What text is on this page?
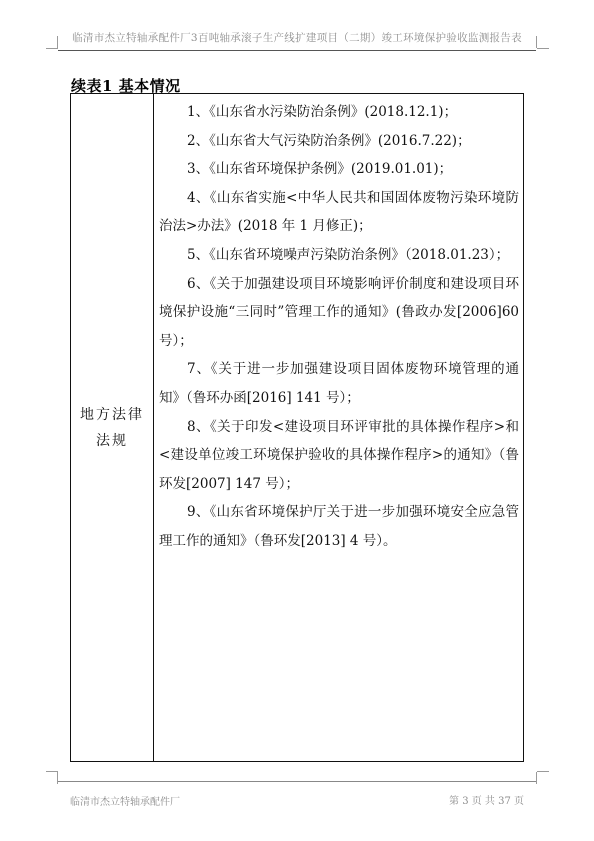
临清市杰立特轴承配件厂3百吨轴承滚子生产线扩建项目（二期）竣工环境保护验收监测报告表
续表1 基本情况
地方法律法规

1、《山东省水污染防治条例》(2018.12.1)；

2、《山东省大气污染防治条例》(2016.7.22)；

3、《山东省环境保护条例》(2019.01.01)；

4、《山东省实施<中华人民共和国固体废物污染环境防治法>办法》(2018 年 1 月修正)；

5、《山东省环境噪声污染防治条例》（2018.01.23）；

6、《关于加强建设项目环境影响评价制度和建设项目环境保护设施“三同时”管理工作的通知》(鲁政办发[2006]60 号）；

7、《关于进一步加强建设项目固体废物环境管理的通知》（鲁环办函[2016] 141 号）；

8、《关于印发<建设项目环评审批的具体操作程序>和<建设单位竣工环境保护验收的具体操作程序>的通知》（鲁环发[2007] 147 号）；

9、《山东省环境保护厅关于进一步加强环境安全应急管理工作的通知》（鲁环发[2013] 4 号）。

临清市杰立特轴承配件厂	第 3 页 共 37 页
